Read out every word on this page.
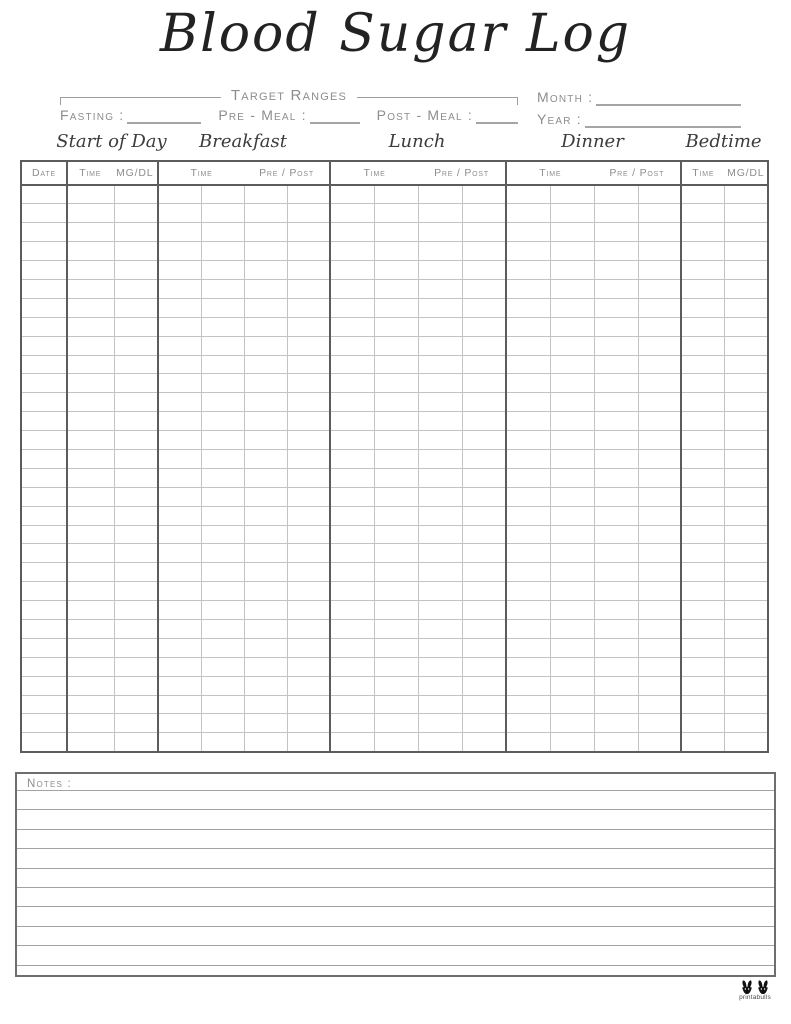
Blood Sugar Log
Target Ranges
Fasting :	Pre - Meal :	Post - Meal :
Month :
Year :
Start of Day Breakfast	Lunch	Dinner	Bedtime
Date	Time MG/DL		Time Pre / Post				Time Pre / Post				Time Pre / Post				Time MG/DL	

Notes :
printabulls
